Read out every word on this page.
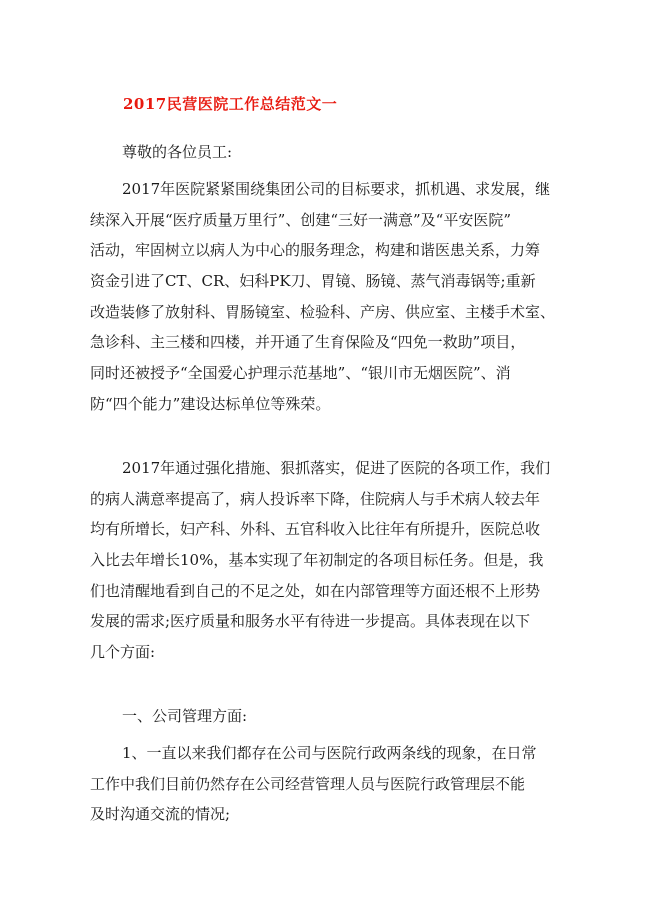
2017民营医院工作总结范文一
尊敬的各位员工:
2017年医院紧紧围绕集团公司的目标要求，抓机遇、求发展，继
续深入开展“医疗质量万里行”、创建“三好一满意”及“平安医院”
活动，牢固树立以病人为中心的服务理念，构建和谐医患关系，力筹
资金引进了CT、CR、妇科PK刀、胃镜、肠镜、蒸气消毒锅等;重新
改造装修了放射科、胃肠镜室、检验科、产房、供应室、主楼手术室、
急诊科、主三楼和四楼，并开通了生育保险及“四免一救助”项目，
同时还被授予“全国爱心护理示范基地”、“银川市无烟医院”、消
防“四个能力”建设达标单位等殊荣。
2017年通过强化措施、狠抓落实，促进了医院的各项工作，我们
的病人满意率提高了，病人投诉率下降，住院病人与手术病人较去年
均有所增长，妇产科、外科、五官科收入比往年有所提升，医院总收
入比去年增长10%，基本实现了年初制定的各项目标任务。但是，我
们也清醒地看到自己的不足之处，如在内部管理等方面还根不上形势
发展的需求;医疗质量和服务水平有待进一步提高。具体表现在以下
几个方面:
一、公司管理方面:
1、一直以来我们都存在公司与医院行政两条线的现象，在日常
工作中我们目前仍然存在公司经营管理人员与医院行政管理层不能
及时沟通交流的情况;
